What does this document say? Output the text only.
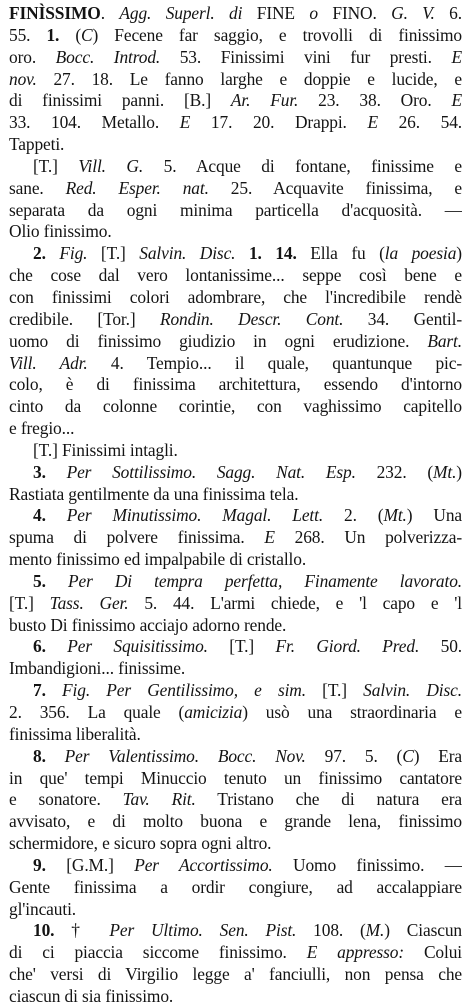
FINÌSSIMO. Agg. Superl. di FINE o FINO. G. V. 6.
55. 1. (C) Fecene far saggio, e trovolli di finissimo
oro. Bocc. Introd. 53. Finissimi vini fur presti. E
nov. 27. 18. Le fanno larghe e doppie e lucide, e
di finissimi panni. [B.] Ar. Fur. 23. 38. Oro. E
33. 104. Metallo. E 17. 20. Drappi. E 26. 54.
Tappeti.
[T.] Vill. G. 5. Acque di fontane, finissime e
sane. Red. Esper. nat. 25. Acquavite finissima, e
separata da ogni minima particella d'acquosità. —
Olio finissimo.
2. Fig. [T.] Salvin. Disc. 1. 14. Ella fu (la poesia)
che cose dal vero lontanissime... seppe così bene e
con finissimi colori adombrare, che l'incredibile rendè
credibile. [Tor.] Rondin. Descr. Cont. 34. Gentil-
uomo di finissimo giudizio in ogni erudizione. Bart.
Vill. Adr. 4. Tempio... il quale, quantunque pic-
colo, è di finissima architettura, essendo d'intorno
cinto da colonne corintie, con vaghissimo capitello
e fregio...
[T.] Finissimi intagli.
3. Per Sottilissimo. Sagg. Nat. Esp. 232. (Mt.)
Rastiata gentilmente da una finissima tela.
4. Per Minutissimo. Magal. Lett. 2. (Mt.) Una
spuma di polvere finissima. E 268. Un polverizza-
mento finissimo ed impalpabile di cristallo.
5. Per Di tempra perfetta, Finamente lavorato.
[T.] Tass. Ger. 5. 44. L'armi chiede, e 'l capo e 'l
busto Di finissimo acciajo adorno rende.
6. Per Squisitissimo. [T.] Fr. Giord. Pred. 50.
Imbandigioni... finissime.
7. Fig. Per Gentilissimo, e sim. [T.] Salvin. Disc.
2. 356. La quale (amicizia) usò una straordinaria e
finissima liberalità.
8. Per Valentissimo. Bocc. Nov. 97. 5. (C) Era
in que' tempi Minuccio tenuto un finissimo cantatore
e sonatore. Tav. Rit. Tristano che di natura era
avvisato, e di molto buona e grande lena, finissimo
schermidore, e sicuro sopra ogni altro.
9. [G.M.] Per Accortissimo. Uomo finissimo. —
Gente finissima a ordir congiure, ad accalappiare
gl'incauti.
10. † Per Ultimo. Sen. Pist. 108. (M.) Ciascun
di ci piaccia siccome finissimo. E appresso: Colui
che' versi di Virgilio legge a' fanciulli, non pensa che
ciascun di sia finissimo.
